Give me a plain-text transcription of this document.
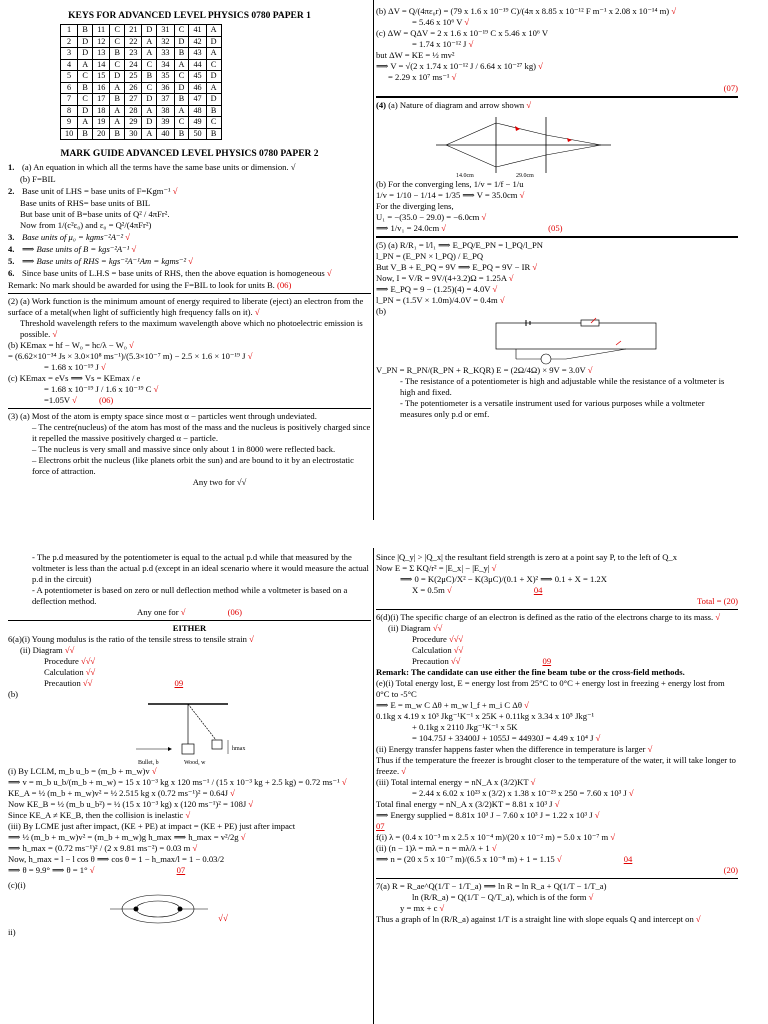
KEYS FOR ADVANCED LEVEL PHYSICS 0780 PAPER 1
1	B	11	C	21	D	31	C	41	A
2	D	12	C	22	A	32	D	42	D
3	D	13	B	23	A	33	B	43	A
4	A	14	C	24	C	34	A	44	C
5	C	15	D	25	B	35	C	45	D
6	B	16	A	26	C	36	D	46	A
7	C	17	B	27	D	37	B	47	D
8	D	18	A	28	A	38	A	48	B
9	A	19	A	29	D	39	C	49	C
10	B	20	B	30	A	40	B	50	B
MARK GUIDE ADVANCED LEVEL PHYSICS 0780 PAPER 2
1. (a) An equation in which all the terms have the same base units or dimension. √
(b) F=BIL
2. Base unit of LHS = base units of F=Kgm⁻¹ √
Base units of RHS= base units of BIL
But base unit of B=base units of Q² / 4πFr².
Now from 1/(c²ε₀) and ε₀ = Q²/(4πFr²)
3. Base units of μ₀ = kgms⁻²A⁻² √
4. ⟹ Base units of B = kgs⁻²A⁻¹ √
5. ⟹ Base units of RHS = kgs⁻²A⁻¹Am = kgms⁻² √
6. Since base units of L.H.S = base units of RHS, then the above equation is homogeneous √
Remark: No mark should be awarded for using the F=BIL to look for units B. (06)
(2) (a) Work function is the minimum amount of energy required to liberate (eject) an electron from the surface of a metal(when light of sufficiently high frequency falls on it). √
Threshold wavelength refers to the maximum wavelength above which no photoelectric emission is possible. √
(b) KEmax = hf − W₀ = hc/λ − W₀ √
= (6.62×10⁻³⁴ Js × 3.0×10⁸ ms⁻¹)/(5.3×10⁻⁷ m) − 2.5 × 1.6 × 10⁻¹⁹ J √
= 1.68 x 10⁻¹⁹ J √
(c) KEmax = eVs ⟹ Vs = KEmax / e
= 1.68 x 10⁻¹⁹ J / 1.6 x 10⁻¹⁹ C √
=1.05V √	(06)
(3) (a) Most of the atom is empty space since most α − particles went through undeviated.
– The centre(nucleus) of the atom has most of the mass and the nucleus is positively charged since it repelled the massive positively charged α − particle.
– The nucleus is very small and massive since only about 1 in 8000 were reflected back.
– Electrons orbit the nucleus (like planets orbit the sun) and are bound to it by an electrostatic force of attraction.
Any two for √√
(b) ΔV = Q/(4πε₀r) = (79 x 1.6 x 10⁻¹⁹ C)/(4π x 8.85 x 10⁻¹² F m⁻¹ x 2.08 x 10⁻¹⁴ m) √
= 5.46 x 10⁶ V √
(c) ΔW = QΔV = 2 x 1.6 x 10⁻¹⁹ C x 5.46 x 10⁶ V
= 1.74 x 10⁻¹² J √
but ΔW = KE = ½ mv²
⟹ V = √(2 x 1.74 x 10⁻¹² J / 6.64 x 10⁻²⁷ kg) √
= 2.29 x 10⁷ ms⁻¹ √
(07)
(4) (a) Nature of diagram and arrow shown √
14.0cm	29.0cm
(b) For the converging lens, 1/v = 1/f − 1/u
1/v = 1/10 − 1/14 = 1/35 ⟹ V = 35.0cm √
For the diverging lens,
U₁ = −(35.0 − 29.0) = −6.0cm √
⟹ 1/v₁ = 24.0cm √	(05)
(5) (a) R/R₁ = l/l₁ ⟹ E_PQ/E_PN = l_PQ/l_PN
l_PN = (E_PN × l_PQ) / E_PQ
But V_B + E_PQ = 9V ⟹ E_PQ = 9V − IR √
Now, I = V/R = 9V/(4+3.2)Ω = 1.25A √
⟹ E_PQ = 9 − (1.25)(4) = 4.0V √
l_PN = (1.5V × 1.0m)/4.0V = 0.4m √
(b)
V_PN = R_PN/(R_PN + R_KQR) E = (2Ω/4Ω) × 9V = 3.0V √
- The resistance of a potentiometer is high and adjustable while the resistance of a voltmeter is high and fixed.
- The potentiometer is a versatile instrument used for various purposes while a voltmeter measures only p.d or emf.
- The p.d measured by the potentiometer is equal to the actual p.d while that measured by the voltmeter is less than the actual p.d (except in an ideal scenario where it would measure the actual p.d in the circuit)
- A potentiometer is based on zero or null deflection method while a voltmeter is based on a deflection method.
Any one for √	(06)
EITHER
6(a)(i) Young modulus is the ratio of the tensile stress to tensile strain √
(ii) Diagram √√
Procedure √√√
Calculation √√
Precaution √√	09
(b)
hmax
Bullet, b	Wood, w
(i) By LCLM, m_b u_b = (m_b + m_w)v √
⟹ v = m_b u_b/(m_b + m_w) = 15 x 10⁻³ kg x 120 ms⁻¹ / (15 x 10⁻³ kg + 2.5 kg) = 0.72 ms⁻¹ √
KE_A = ½ (m_b + m_w)v² = ½ 2.515 kg x (0.72 ms⁻¹)² = 0.64J √
Now KE_B = ½ (m_b u_b²) = ½ (15 x 10⁻³ kg) x (120 ms⁻¹)² = 108J √
Since KE_A ≠ KE_B, then the collision is inelastic √
(iii) By LCME just after impact, (KE + PE) at impact = (KE + PE) just after impact
⟹ ½ (m_b + m_w)v² = (m_b + m_w)g h_max ⟹ h_max = v²/2g √
⟹ h_max = (0.72 ms⁻¹)² / (2 x 9.81 ms⁻²) = 0.03 m √
Now, h_max = l − l cos θ ⟹ cos θ = 1 − h_max/l = 1 − 0.03/2
⟹ θ = 9.9° ⟹ θ = 1° √	07
(c)(i)
√√
ii)
Since |Q_y| > |Q_x| the resultant field strength is zero at a point say P, to the left of Q_x
Now E = Σ KQ/r² = |E_x| − |E_y| √
⟹ 0 = K(2μC)/X² − K(3μC)/(0.1 + X)² ⟹ 0.1 + X = 1.2X
X = 0.5m √	04
Total = (20)
6(d)(i) The specific charge of an electron is defined as the ratio of the electrons charge to its mass. √
(ii) Diagram √√
Procedure √√√
Calculation √√
Precaution √√	09
Remark: The candidate can use either the fine beam tube or the cross-field methods.
(e)(i) Total energy lost, E = energy lost from 25°C to 0°C + energy lost in freezing + energy lost from 0°C to -5°C
⟹ E = m_w C Δθ + m_w l_f + m_i C Δθ √
0.1kg x 4.19 x 10³ Jkg⁻¹K⁻¹ x 25K + 0.11kg x 3.34 x 10⁵ Jkg⁻¹
+ 0.1kg x 2110 Jkg⁻¹K⁻¹ x 5K
= 104.75J + 33400J + 1055J = 44930J = 4.49 x 10⁴ J √
(ii) Energy transfer happens faster when the difference in temperature is larger √
Thus if the temperature the freezer is brought closer to the temperature of the water, it will take longer to freeze. √
(iii) Total internal energy = nN_A x (3/2)KT √
= 2.44 x 6.02 x 10²³ x (3/2) x 1.38 x 10⁻²³ x 250 = 7.60 x 10³ J √
Total final energy = nN_A x (3/2)KT = 8.81 x 10³ J √
⟹ Energy supplied = 8.81x 10³ J − 7.60 x 10³ J = 1.22 x 10³ J √
07
f(i) λ = (0.4 x 10⁻³ m x 2.5 x 10⁻⁴ m)/(20 x 10⁻² m) = 5.0 x 10⁻⁷ m √
(ii) (n − 1)λ = mλ = n = mλ/λ + 1 √
⟹ n = (20 x 5 x 10⁻⁷ m)/(6.5 x 10⁻⁸ m) + 1 = 1.15 √	04
(20)
7(a) R = R_ae^Q(1/T − 1/T_a) ⟹ ln R = ln R_a + Q(1/T − 1/T_a)
ln (R/R_a) = Q(1/T − Q/T_a), which is of the form √
y = mx + c √
Thus a graph of ln (R/R_a) against 1/T is a straight line with slope equals Q and intercept on √
